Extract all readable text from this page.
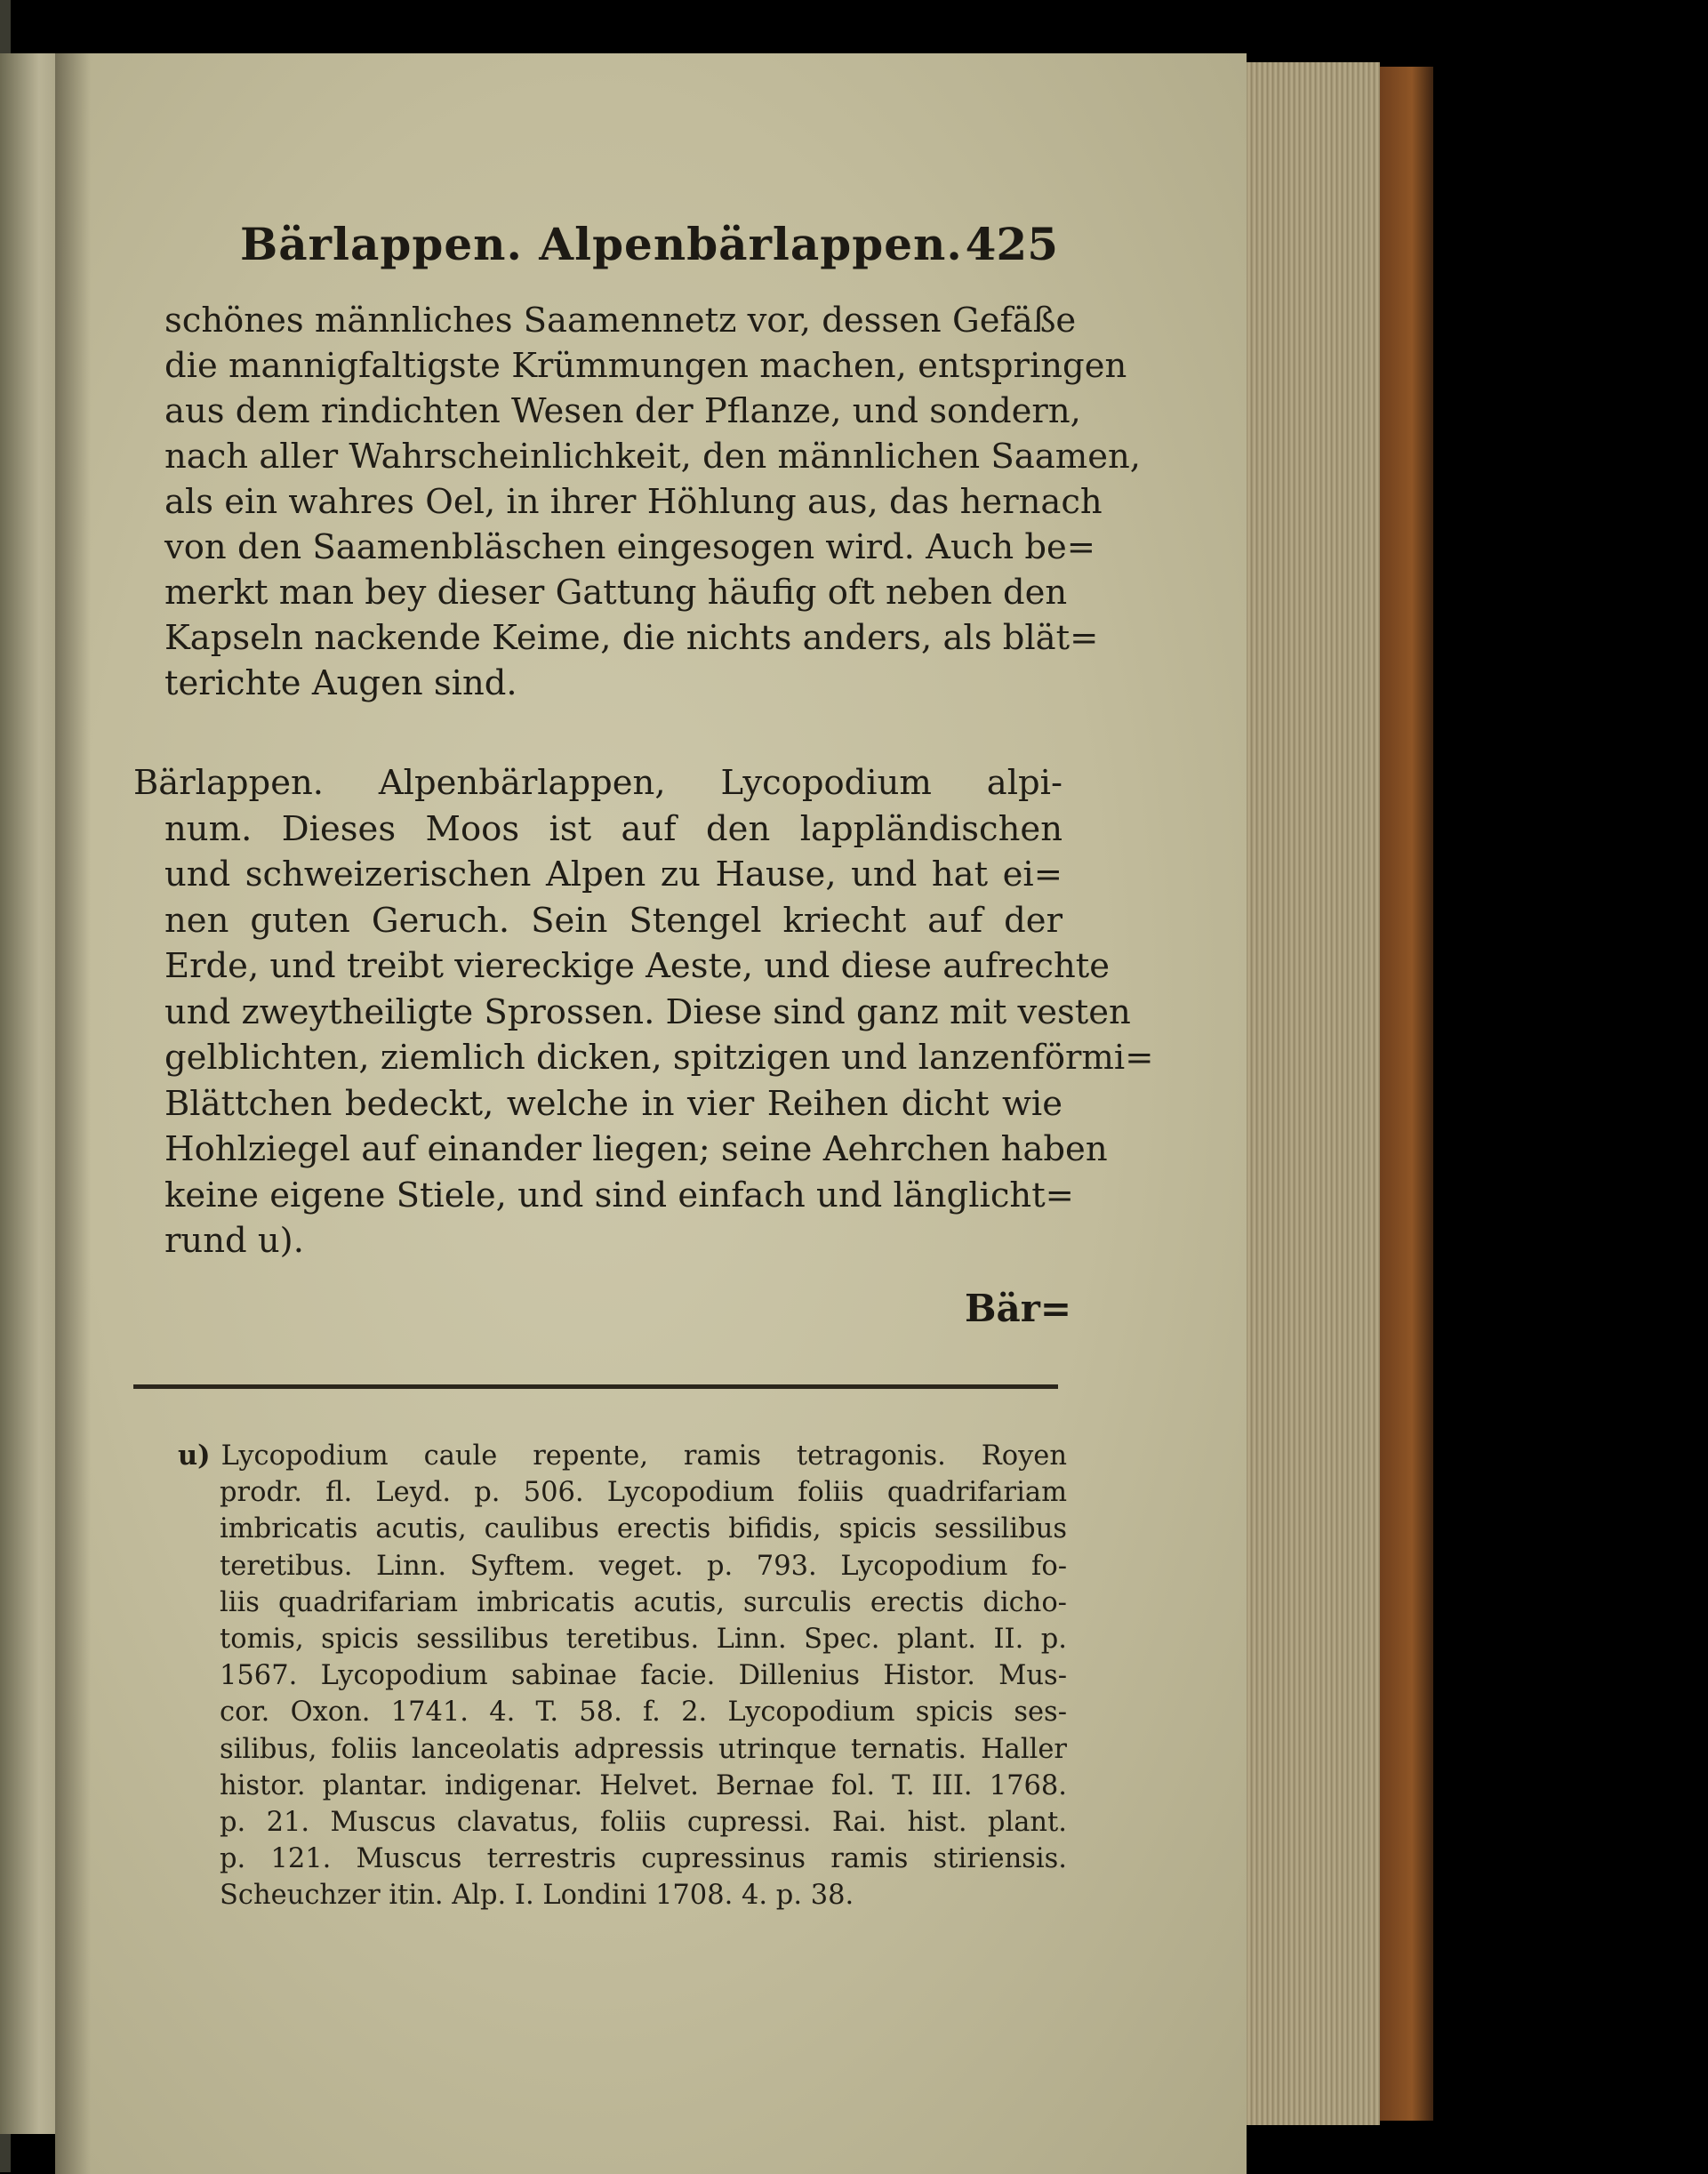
Bärlappen. Alpenbärlappen. 425
schönes männliches Saamennetz vor, dessen Gefäße
die mannigfaltigste Krümmungen machen, entspringen
aus dem rindichten Wesen der Pflanze, und sondern,
nach aller Wahrscheinlichkeit, den männlichen Saamen,
als ein wahres Oel, in ihrer Höhlung aus, das hernach
von den Saamenbläschen eingesogen wird. Auch be=
merkt man bey dieser Gattung häufig oft neben den
Kapseln nackende Keime, die nichts anders, als blät=
terichte Augen sind.
Bärlappen. Alpenbärlappen, Lycopodium alpi-
num. Dieses Moos ist auf den lappländischen
und schweizerischen Alpen zu Hause, und hat ei=
nen guten Geruch. Sein Stengel kriecht auf der
Erde, und treibt viereckige Aeste, und diese aufrechte
und zweytheiligte Sprossen. Diese sind ganz mit vesten
gelblichten, ziemlich dicken, spitzigen und lanzenförmi=
Blättchen bedeckt, welche in vier Reihen dicht wie
Hohlziegel auf einander liegen; seine Aehrchen haben
keine eigene Stiele, und sind einfach und länglicht=
rund u).
Bär=
u) Lycopodium caule repente, ramis tetragonis. Royen
prodr. fl. Leyd. p. 506. Lycopodium foliis quadrifariam
imbricatis acutis, caulibus erectis bifidis, spicis sessilibus
teretibus. Linn. Syftem. veget. p. 793. Lycopodium fo-
liis quadrifariam imbricatis acutis, surculis erectis dicho-
tomis, spicis sessilibus teretibus. Linn. Spec. plant. II. p.
1567. Lycopodium sabinae facie. Dillenius Histor. Mus-
cor. Oxon. 1741. 4. T. 58. f. 2. Lycopodium spicis ses-
silibus, foliis lanceolatis adpressis utrinque ternatis. Haller
histor. plantar. indigenar. Helvet. Bernae fol. T. III. 1768.
p. 21. Muscus clavatus, foliis cupressi. Rai. hist. plant.
p. 121. Muscus terrestris cupressinus ramis stiriensis.
Scheuchzer itin. Alp. I. Londini 1708. 4. p. 38.
